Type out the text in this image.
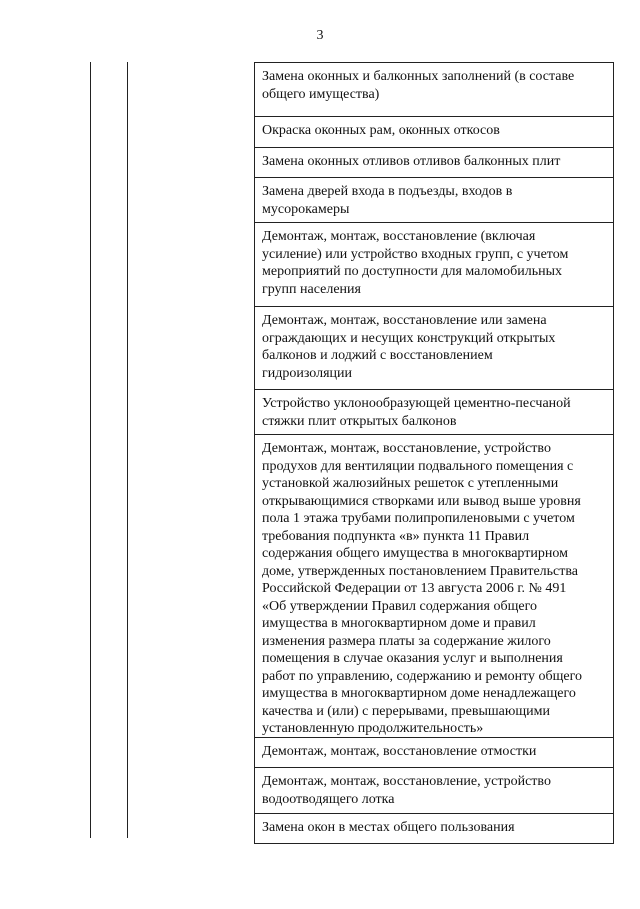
3
Замена оконных и балконных заполнений (в составе
общего имущества)
Окраска оконных рам, оконных откосов
Замена оконных отливов отливов балконных плит
Замена дверей входа в подъезды, входов в
мусорокамеры
Демонтаж, монтаж, восстановление (включая
усиление) или устройство входных групп, с учетом
мероприятий по доступности для маломобильных
групп населения
Демонтаж, монтаж, восстановление или замена
ограждающих и несущих конструкций открытых
балконов и лоджий с восстановлением
гидроизоляции
Устройство уклонообразующей цементно-песчаной
стяжки плит открытых балконов
Демонтаж, монтаж, восстановление, устройство
продухов для вентиляции подвального помещения с
установкой жалюзийных решеток с утепленными
открывающимися створками или вывод выше уровня
пола 1 этажа трубами полипропиленовыми с учетом
требования подпункта «в» пункта 11 Правил
содержания общего имущества в многоквартирном
доме, утвержденных постановлением Правительства
Российской Федерации от 13 августа 2006 г. № 491
«Об утверждении Правил содержания общего
имущества в многоквартирном доме и правил
изменения размера платы за содержание жилого
помещения в случае оказания услуг и выполнения
работ по управлению, содержанию и ремонту общего
имущества в многоквартирном доме ненадлежащего
качества и (или) с перерывами, превышающими
установленную продолжительность»
Демонтаж, монтаж, восстановление отмостки
Демонтаж, монтаж, восстановление, устройство
водоотводящего лотка
Замена окон в местах общего пользования
